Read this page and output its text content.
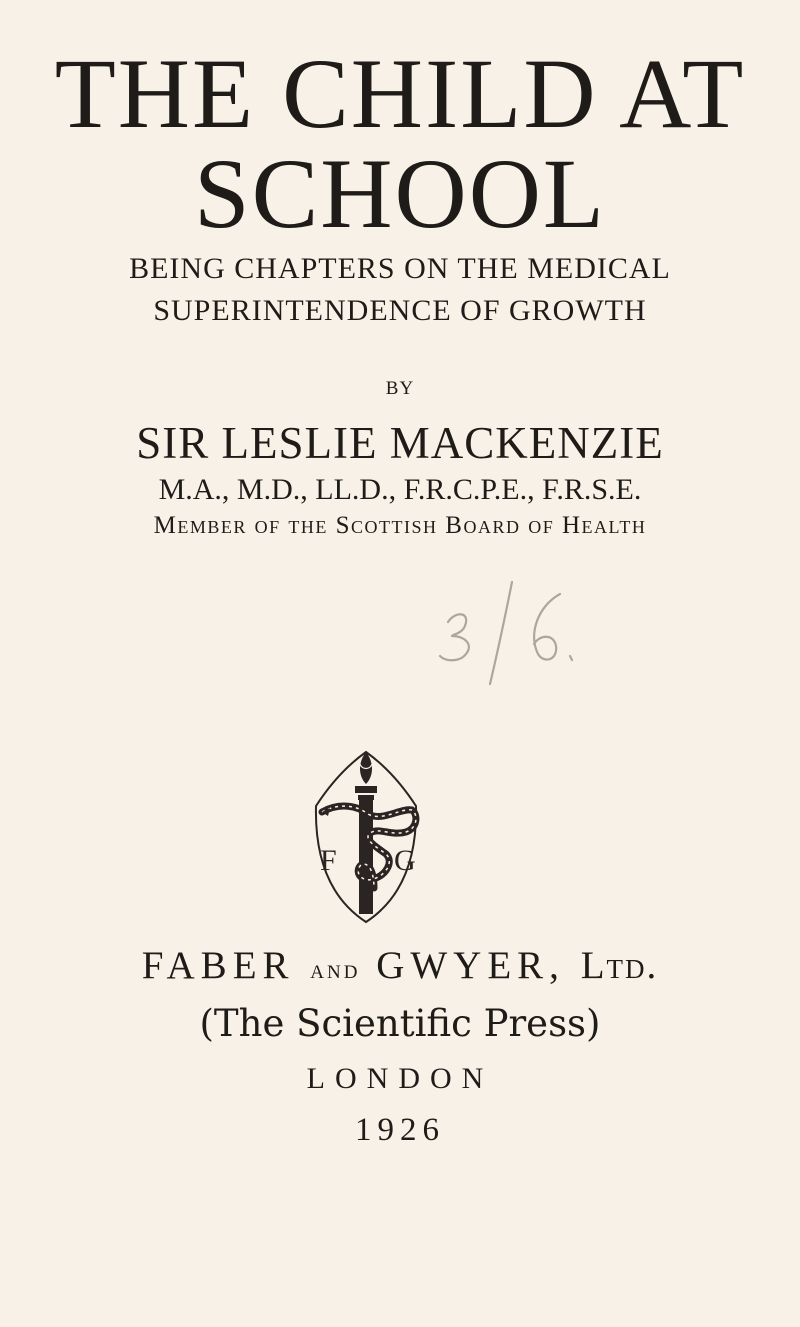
THE CHILD AT
SCHOOL
BEING CHAPTERS ON THE MEDICAL
SUPERINTENDENCE OF GROWTH
BY
SIR LESLIE MACKENZIE
M.A., M.D., LL.D., F.R.C.P.E., F.R.S.E.
Member of the Scottish Board of Health
F G
FABER and GWYER, Ltd.
(The Scientific Press)
LONDON
1926
